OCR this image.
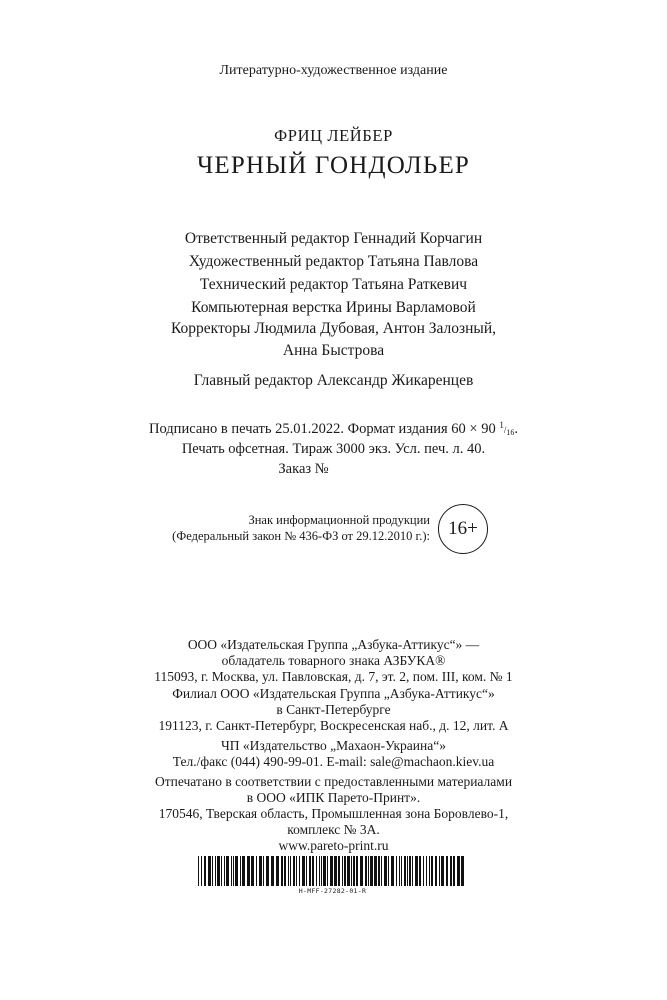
Литературно-художественное издание
ФРИЦ ЛЕЙБЕР
ЧЕРНЫЙ ГОНДОЛЬЕР
Ответственный редактор Геннадий Корчагин
Художественный редактор Татьяна Павлова
Технический редактор Татьяна Раткевич
Компьютерная верстка Ирины Варламовой
Корректоры Людмила Дубовая, Антон Залозный,
Анна Быстрова
Главный редактор Александр Жикаренцев
Подписано в печать 25.01.2022. Формат издания 60 × 90 $^1/_{16}$.
Печать офсетная. Тираж 3000 экз. Усл. печ. л. 40.
Заказ №
Знак информационной продукции
(Федеральный закон № 436-ФЗ от 29.12.2010 г.): 16+
ООО «Издательская Группа „Азбука-Аттикус“» —
обладатель товарного знака АЗБУКА®
115093, г. Москва, ул. Павловская, д. 7, эт. 2, пом. III, ком. № 1
Филиал ООО «Издательская Группа „Азбука-Аттикус“»
в Санкт-Петербурге
191123, г. Санкт-Петербург, Воскресенская наб., д. 12, лит. А
ЧП «Издательство „Махаон-Украина“»
Тел./факс (044) 490-99-01. E-mail: sale@machaon.kiev.ua
Отпечатано в соответствии с предоставленными материалами
в ООО «ИПК Парето-Принт».
170546, Тверская область, Промышленная зона Боровлево-1,
комплекс № 3А.
www.pareto-print.ru
H-MFF-27282-01-R
